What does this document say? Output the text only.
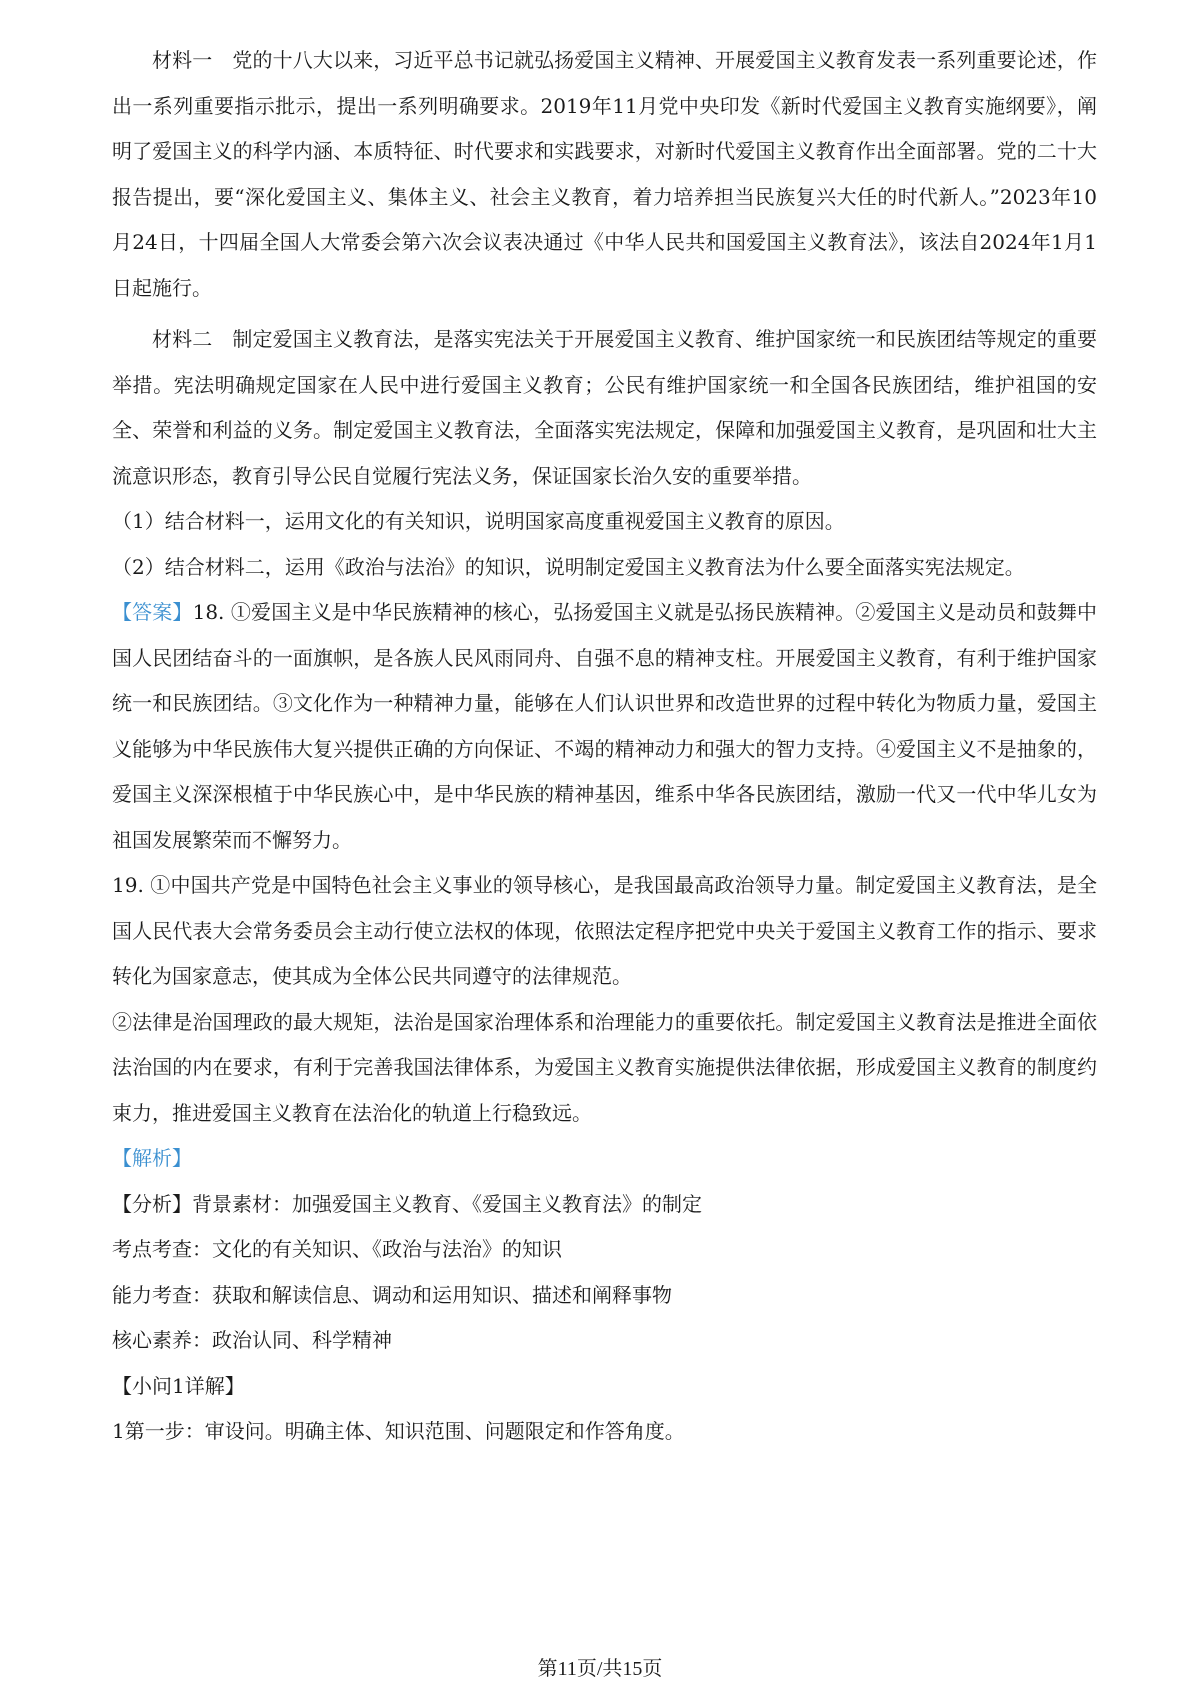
材料一　党的十八大以来，习近平总书记就弘扬爱国主义精神、开展爱国主义教育发表一系列重要论述，作出一系列重要指示批示，提出一系列明确要求。2019年11月党中央印发《新时代爱国主义教育实施纲要》，阐明了爱国主义的科学内涵、本质特征、时代要求和实践要求，对新时代爱国主义教育作出全面部署。党的二十大报告提出，要“深化爱国主义、集体主义、社会主义教育，着力培养担当民族复兴大任的时代新人。”2023年10月24日，十四届全国人大常委会第六次会议表决通过《中华人民共和国爱国主义教育法》，该法自2024年1月1日起施行。

材料二　制定爱国主义教育法，是落实宪法关于开展爱国主义教育、维护国家统一和民族团结等规定的重要举措。宪法明确规定国家在人民中进行爱国主义教育；公民有维护国家统一和全国各民族团结，维护祖国的安全、荣誉和利益的义务。制定爱国主义教育法，全面落实宪法规定，保障和加强爱国主义教育，是巩固和壮大主流意识形态，教育引导公民自觉履行宪法义务，保证国家长治久安的重要举措。

（1）结合材料一，运用文化的有关知识，说明国家高度重视爱国主义教育的原因。

（2）结合材料二，运用《政治与法治》的知识，说明制定爱国主义教育法为什么要全面落实宪法规定。

【答案】18. ①爱国主义是中华民族精神的核心，弘扬爱国主义就是弘扬民族精神。②爱国主义是动员和鼓舞中国人民团结奋斗的一面旗帜，是各族人民风雨同舟、自强不息的精神支柱。开展爱国主义教育，有利于维护国家统一和民族团结。③文化作为一种精神力量，能够在人们认识世界和改造世界的过程中转化为物质力量，爱国主义能够为中华民族伟大复兴提供正确的方向保证、不竭的精神动力和强大的智力支持。④爱国主义不是抽象的，爱国主义深深根植于中华民族心中，是中华民族的精神基因，维系中华各民族团结，激励一代又一代中华儿女为祖国发展繁荣而不懈努力。

19. ①中国共产党是中国特色社会主义事业的领导核心，是我国最高政治领导力量。制定爱国主义教育法，是全国人民代表大会常务委员会主动行使立法权的体现，依照法定程序把党中央关于爱国主义教育工作的指示、要求转化为国家意志，使其成为全体公民共同遵守的法律规范。

②法律是治国理政的最大规矩，法治是国家治理体系和治理能力的重要依托。制定爱国主义教育法是推进全面依法治国的内在要求，有利于完善我国法律体系，为爱国主义教育实施提供法律依据，形成爱国主义教育的制度约束力，推进爱国主义教育在法治化的轨道上行稳致远。

【解析】

【分析】背景素材：加强爱国主义教育、《爱国主义教育法》的制定

考点考查：文化的有关知识、《政治与法治》的知识

能力考查：获取和解读信息、调动和运用知识、描述和阐释事物

核心素养：政治认同、科学精神

【小问1详解】

1第一步：审设问。明确主体、知识范围、问题限定和作答角度。

第11页/共15页
